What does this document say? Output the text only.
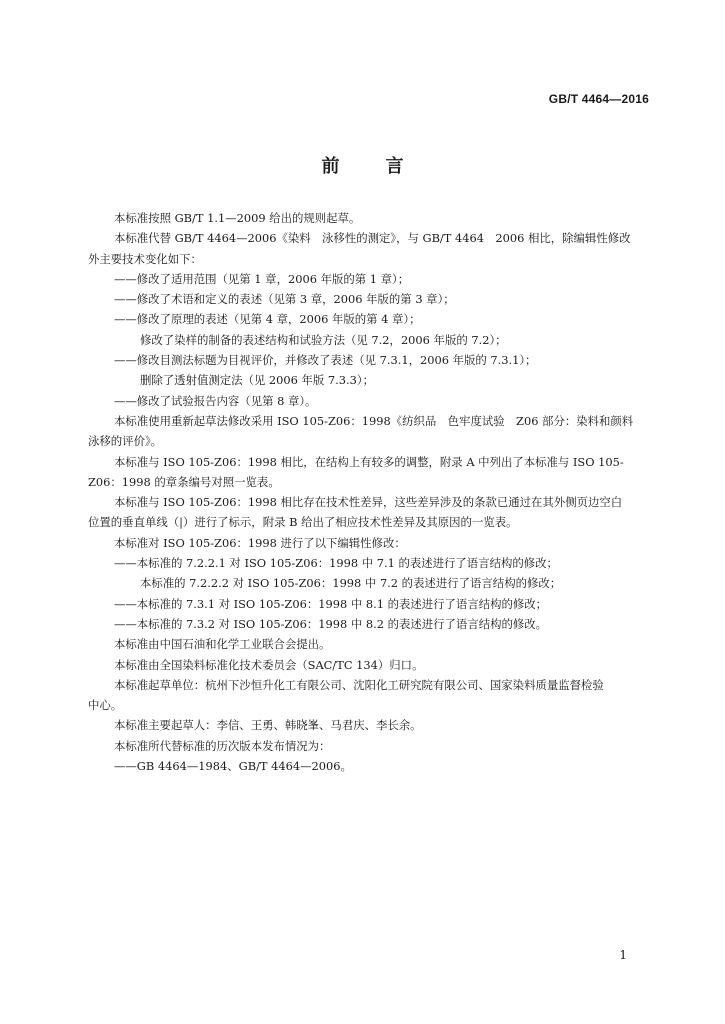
GB/T 4464—2016
前	言
本标准按照 GB/T 1.1—2009 给出的规则起草。
本标准代替 GB/T 4464—2006《染料　泳移性的测定》，与 GB/T 4464　2006 相比，除编辑性修改
外主要技术变化如下：
——修改了适用范围（见第 1 章，2006 年版的第 1 章）；
——修改了术语和定义的表述（见第 3 章，2006 年版的第 3 章）；
——修改了原理的表述（见第 4 章，2006 年版的第 4 章）；
修改了染样的制备的表述结构和试验方法（见 7.2，2006 年版的 7.2）；
——修改目测法标题为目视评价，并修改了表述（见 7.3.1，2006 年版的 7.3.1）；
删除了透射值测定法（见 2006 年版 7.3.3）；
——修改了试验报告内容（见第 8 章）。
本标准使用重新起草法修改采用 ISO 105-Z06：1998《纺织品　色牢度试验　Z06 部分：染料和颜料
泳移的评价》。
本标准与 ISO 105-Z06：1998 相比，在结构上有较多的调整，附录 A 中列出了本标准与 ISO 105-
Z06：1998 的章条编号对照一览表。
本标准与 ISO 105-Z06：1998 相比存在技术性差异，这些差异涉及的条款已通过在其外侧页边空白
位置的垂直单线（|）进行了标示，附录 B 给出了相应技术性差异及其原因的一览表。
本标准对 ISO 105-Z06：1998 进行了以下编辑性修改：
——本标准的 7.2.2.1 对 ISO 105-Z06：1998 中 7.1 的表述进行了语言结构的修改；
本标准的 7.2.2.2 对 ISO 105-Z06：1998 中 7.2 的表述进行了语言结构的修改；
——本标准的 7.3.1 对 ISO 105-Z06：1998 中 8.1 的表述进行了语言结构的修改；
——本标准的 7.3.2 对 ISO 105-Z06：1998 中 8.2 的表述进行了语言结构的修改。
本标准由中国石油和化学工业联合会提出。
本标准由全国染料标准化技术委员会（SAC/TC 134）归口。
本标准起草单位：杭州下沙恒升化工有限公司、沈阳化工研究院有限公司、国家染料质量监督检验
中心。
本标准主要起草人：李信、王勇、韩晓峯、马君庆、李长余。
本标准所代替标准的历次版本发布情况为：
——GB 4464—1984、GB/T 4464—2006。
1
